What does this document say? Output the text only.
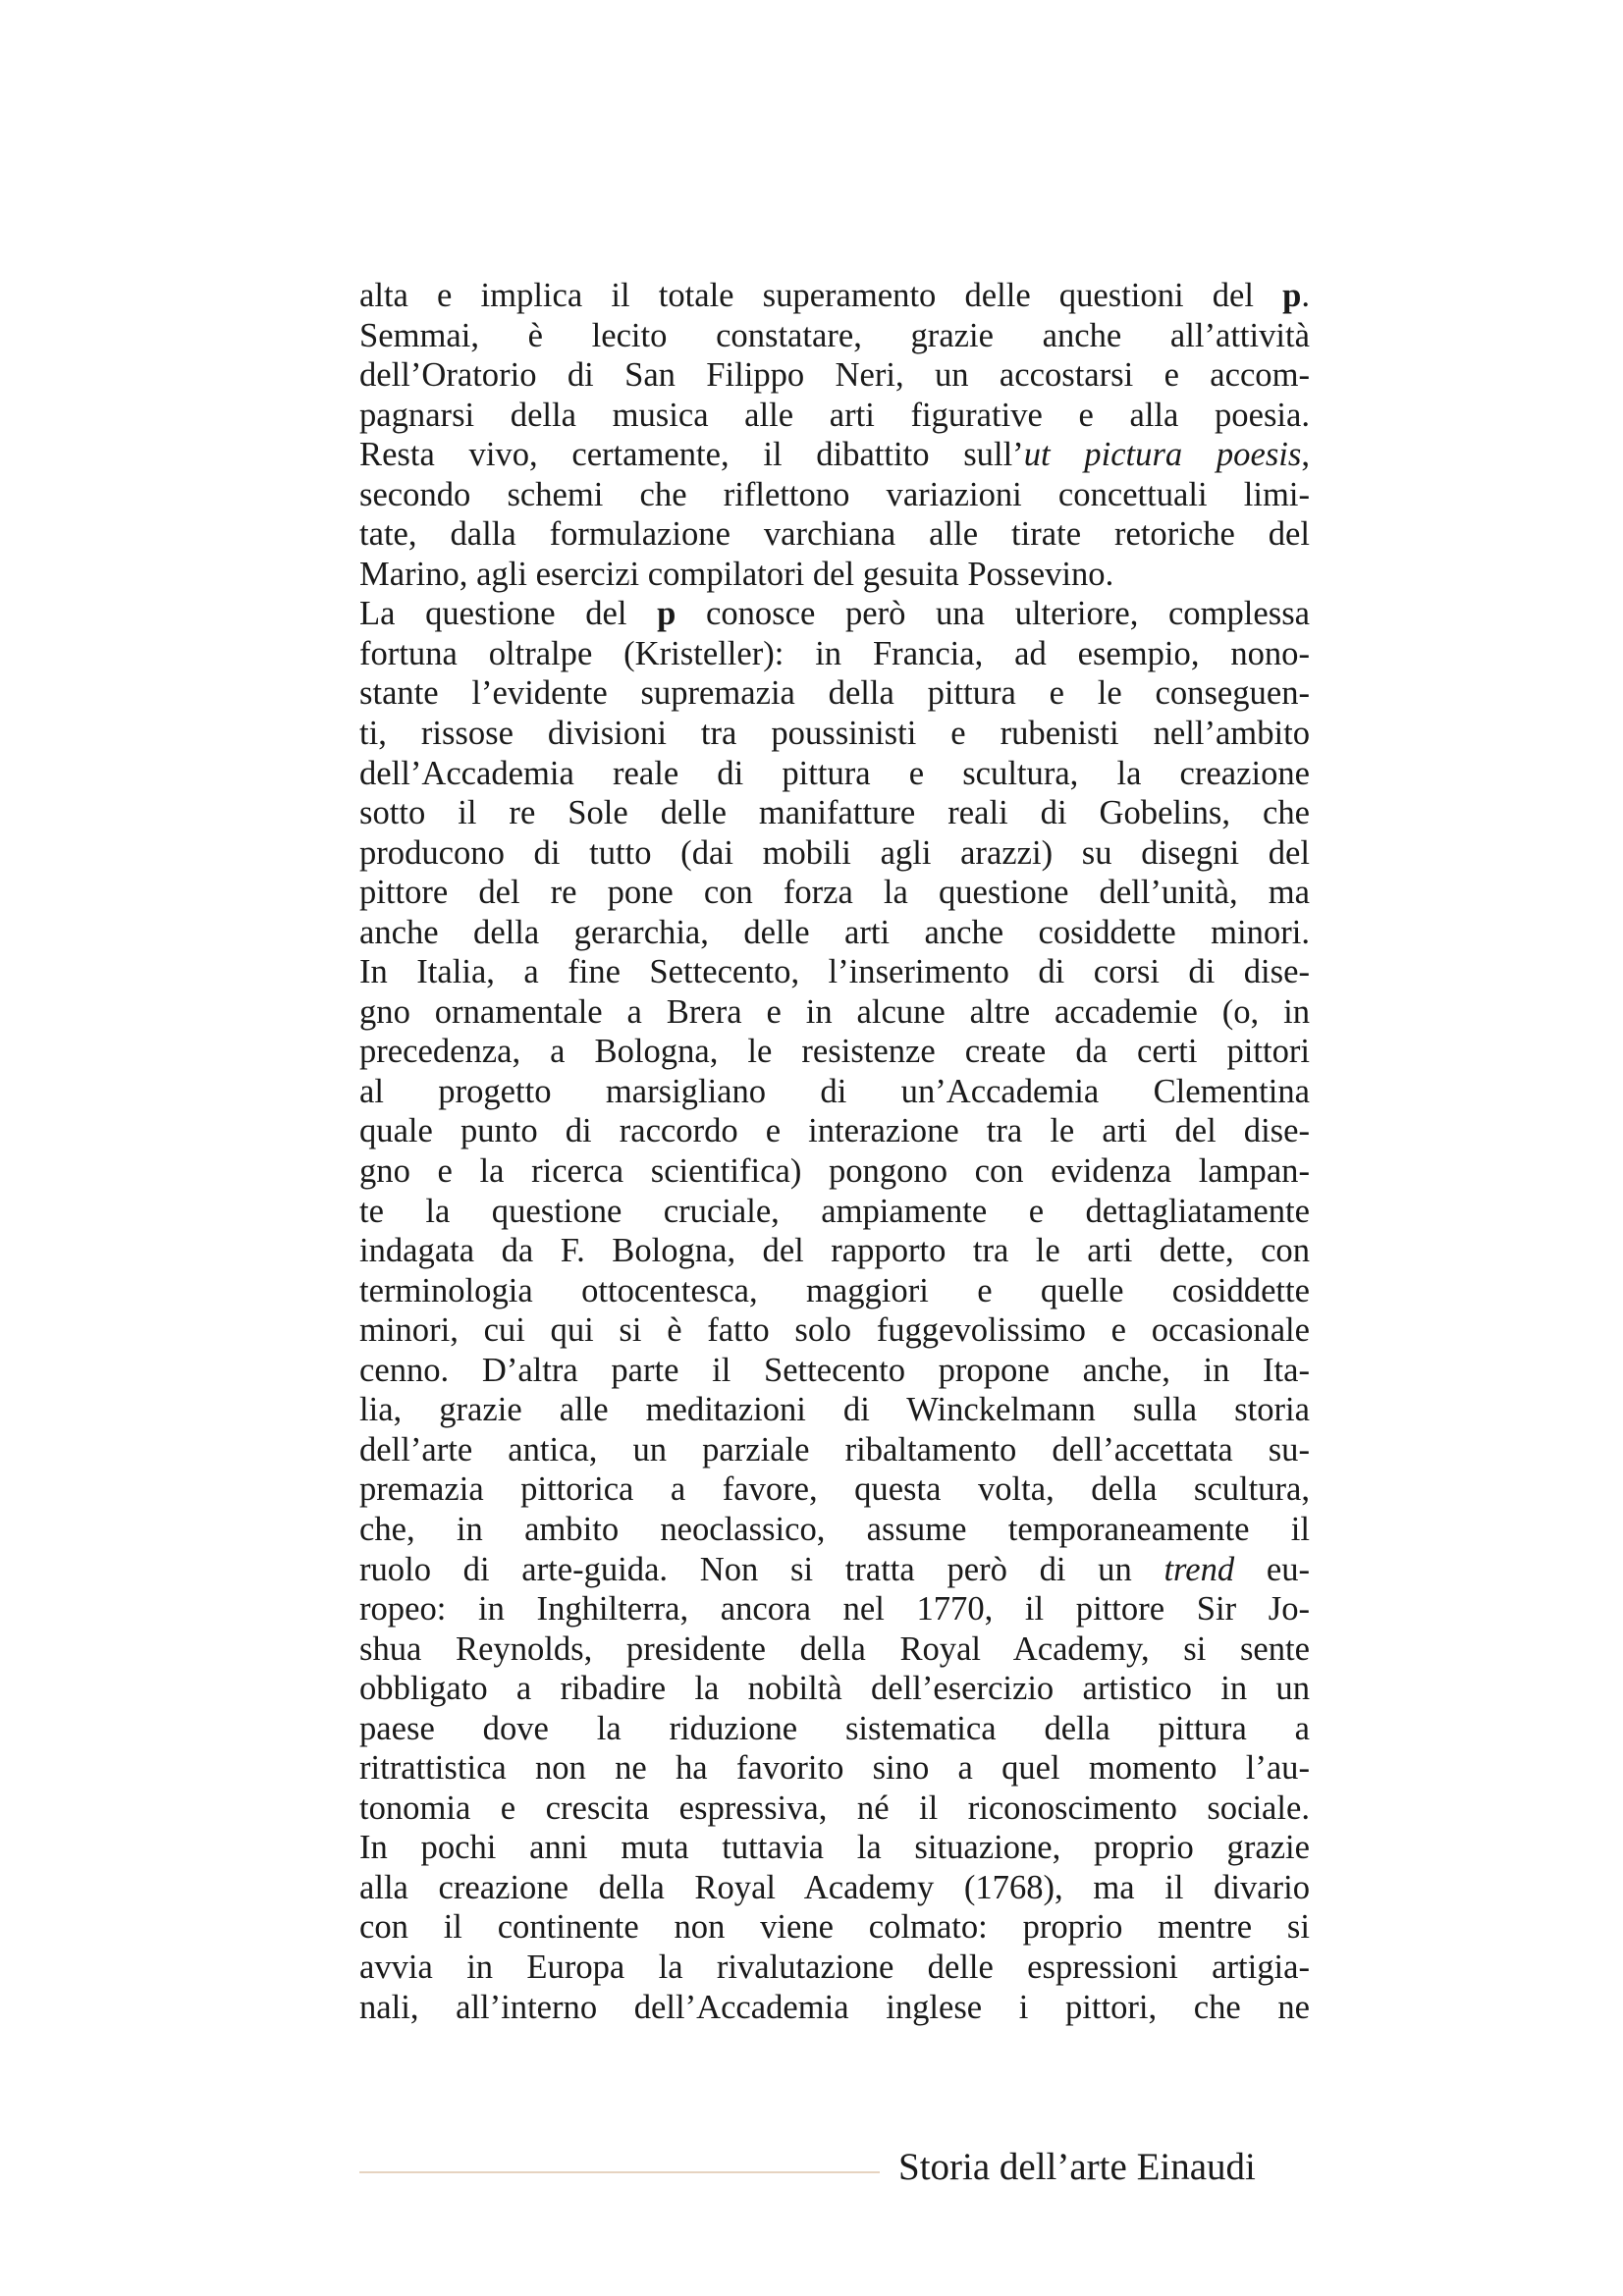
alta e implica il totale superamento delle questioni del p.
Semmai, è lecito constatare, grazie anche all’attività
dell’Oratorio di San Filippo Neri, un accostarsi e accom-
pagnarsi della musica alle arti figurative e alla poesia.
Resta vivo, certamente, il dibattito sull’ut pictura poesis,
secondo schemi che riflettono variazioni concettuali limi-
tate, dalla formulazione varchiana alle tirate retoriche del
Marino, agli esercizi compilatori del gesuita Possevino.
La questione del p conosce però una ulteriore, complessa
fortuna oltralpe (Kristeller): in Francia, ad esempio, nono-
stante l’evidente supremazia della pittura e le conseguen-
ti, rissose divisioni tra poussinisti e rubenisti nell’ambito
dell’Accademia reale di pittura e scultura, la creazione
sotto il re Sole delle manifatture reali di Gobelins, che
producono di tutto (dai mobili agli arazzi) su disegni del
pittore del re pone con forza la questione dell’unità, ma
anche della gerarchia, delle arti anche cosiddette minori.
In Italia, a fine Settecento, l’inserimento di corsi di dise-
gno ornamentale a Brera e in alcune altre accademie (o, in
precedenza, a Bologna, le resistenze create da certi pittori
al progetto marsigliano di un’Accademia Clementina
quale punto di raccordo e interazione tra le arti del dise-
gno e la ricerca scientifica) pongono con evidenza lampan-
te la questione cruciale, ampiamente e dettagliatamente
indagata da F. Bologna, del rapporto tra le arti dette, con
terminologia ottocentesca, maggiori e quelle cosiddette
minori, cui qui si è fatto solo fuggevolissimo e occasionale
cenno. D’altra parte il Settecento propone anche, in Ita-
lia, grazie alle meditazioni di Winckelmann sulla storia
dell’arte antica, un parziale ribaltamento dell’accettata su-
premazia pittorica a favore, questa volta, della scultura,
che, in ambito neoclassico, assume temporaneamente il
ruolo di arte-guida. Non si tratta però di un trend eu-
ropeo: in Inghilterra, ancora nel 1770, il pittore Sir Jo-
shua Reynolds, presidente della Royal Academy, si sente
obbligato a ribadire la nobiltà dell’esercizio artistico in un
paese dove la riduzione sistematica della pittura a
ritrattistica non ne ha favorito sino a quel momento l’au-
tonomia e crescita espressiva, né il riconoscimento sociale.
In pochi anni muta tuttavia la situazione, proprio grazie
alla creazione della Royal Academy (1768), ma il divario
con il continente non viene colmato: proprio mentre si
avvia in Europa la rivalutazione delle espressioni artigia-
nali, all’interno dell’Accademia inglese i pittori, che ne
Storia dell’arte Einaudi
